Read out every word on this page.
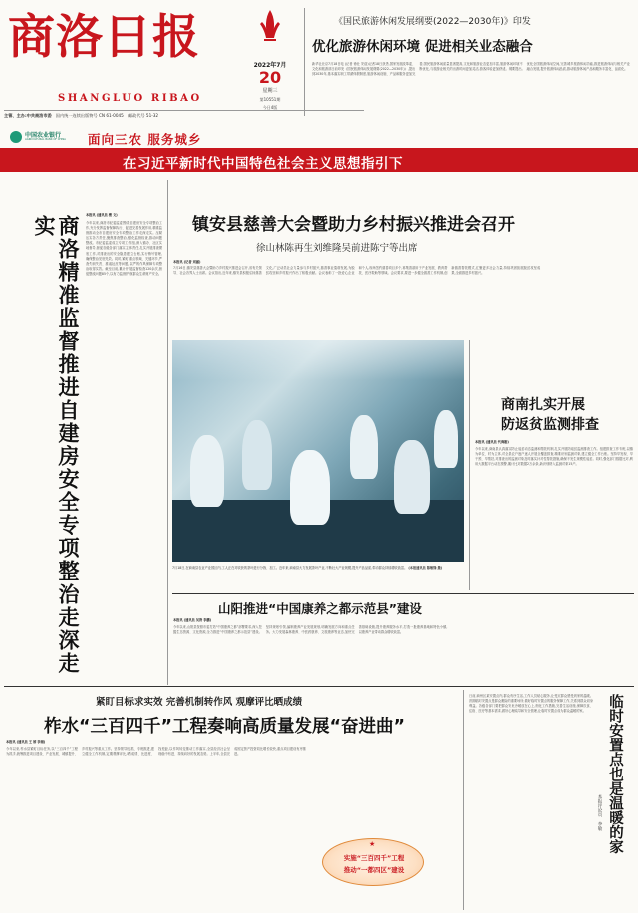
商洛日报
SHANGLUO RIBAO
主管、主办:中共商洛市委 国内统一连续出版物号 CN 61-0045 邮政代号 51-32
中国农业银行
AGRICULTURAL BANK OF CHINA 面向三农 服务城乡
2022年7月
20
星期三
第10551期
今日4版
《国民旅游休闲发展纲要(2022—2030年)》印发
优化旅游休闲环境 促进相关业态融合
新华社北京7月18日电 (记者 徐壮 安蓓)记者18日获悉,国家发展改革委、文化和旅游部日前印发《国民旅游休闲发展纲要(2022—2030年)》,提出到2030年,基本落实职工带薪休假制度,旅游休闲设施、产品和服务更加完善,国民旅游休闲质量显著提高,文化和旅游业态更加丰富,旅游休闲环境不断优化,与旅游业相关的出游时间更加灵活,游客体验更加舒适。纲要提出,优化全国旅游休闲空间,完善城乡旅游休闲功能,推进旅游休闲与相关产业融合发展,提升旅游休闲品质,推动旅游休闲产品和服务丰富化、品质化。
在习近平新时代中国特色社会主义思想指引下
商洛精准监督推进自建房安全专项整治走深走实	本报讯 (通讯员 楼 文)
今年以来,商洛市纪委监委围绕自建房安全专项整治工作,充分发挥监督保障执行、促进完善发展作用,精准监督推动全市自建房安全专项整治工作走深走实。压紧压实各方责任,聚焦排查整治,强化监督检查,推动问题整改。市纪委监委成立专项工作组,深入镇办、社区实地督导,督促各级各部门落实主体责任,扎实开展排查摸底工作,对排查出的安全隐患建立台账,实行销号管理,确保整治见底见效。同时,紧盯重点领域、关键环节,严查失职失责、推诿扯皮等问题,以严的作风保障专项整治取得实效。截至目前,累计开展监督检查120余次,督促整改问题85个,以有力监督护航群众生命财产安全。
镇安县慈善大会暨助力乡村振兴推进会召开
徐山林陈再生刘维隆吴前进陈宁等出席
本报讯 (记者 刘丽)
7月16日,镇安县慈善大会暨助力乡村振兴推进会召开,省有关领导、社会各界人士出席。会议指出,近年来,镇安县积极弘扬慈善文化,广泛动员社会力量参与乡村振兴,慈善事业蓬勃发展,为脱贫攻坚和乡村振兴作出了积极贡献。会议表彰了一批爱心企业和个人,现场签约慈善项目多个,募集善款用于产业发展、教育帮扶、医疗救助等领域。会议要求,要进一步健全慈善工作机制,创新慈善帮扶模式,汇聚更多社会力量,持续巩固拓展脱贫攻坚成果,全面推进乡村振兴。
7月18日,在商南县农业产业园区内,工人正在对收获的茶叶进行分拣、加工。近年来,商南县大力发展茶叶产业,不断壮大产业规模,提升产品品质,带动群众持续增收致富。 (本报通讯员 陈敏锋 摄)
商南扎实开展
防返贫监测排查
本报讯 (通讯员 代海刚)
今年以来,商南县认真落实防止返贫动态监测和帮扶机制,扎实开展防返贫监测排查工作。组建排查工作专班,以镇为单位、村为主体,对全县农户逐户逐人开展全覆盖排查,精准识别监测对象,建立健全工作台账。坚持早发现、早干预、早帮扶,对排查出的监测对象及时落实针对性帮扶措施,确保不发生规模性返贫。同时,强化部门数据比对,利用大数据平台动态预警,累计比对数据2万余条,新识别纳入监测对象15户。
山阳推进“中国康养之都示范县”建设
本报讯 (通讯员 吴涛 李鹏)
今年以来,山阳县按照市委打造“中国康养之都”部署要求,深入挖掘生态资源、文化资源,全力推进“中国康养之都示范县”建设。坚持规划引领,编制康养产业发展规划,明确发展方向和重点任务。大力发展森林康养、中医药康养、文旅康养等业态,加快完善基础设施,提升康养服务水平,打造一批康养基地和特色小镇,以康养产业带动群众增收致富。
紧盯目标求实效 完善机制转作风 观摩评比晒成绩
柞水“三百四千”工程奏响高质量发展“奋进曲”
本报讯 (通讯员 王 婷 李娟)
今年以来,柞水县紧盯目标任务,以“三百四千”工程为抓手,统筹推进项目建设、产业发展、城镇提升、乡村振兴等重点工作。坚持领导包抓、专班推进,建立健全工作机制,定期观摩评比,晒成绩、比进度、找差距,以作风转变推动工作落实,全县经济社会呈现稳中有进、持续向好的发展态势。上半年,全县完成固定资产投资同比增长较快,重点项目建设有序推进。
★
实施“三百四千”工程
推动“一都四区”建设
日前,商州区某安置点内,群众有序生活,工作人员贴心服务,让受灾群众感受到家的温暖。汛期临时安置点是群众避险的重要场所,做好临时安置点的服务保障工作,关系到群众切身利益。各级各部门要把群众安危冷暖放在心上,细化工作措施,完善生活设施,保障饮食、住宿、医疗等基本需求,做好心理疏导和安全管理,让临时安置点成为群众温暖的家。	临时安置点也是温暖的家
本报评论员 李敏
